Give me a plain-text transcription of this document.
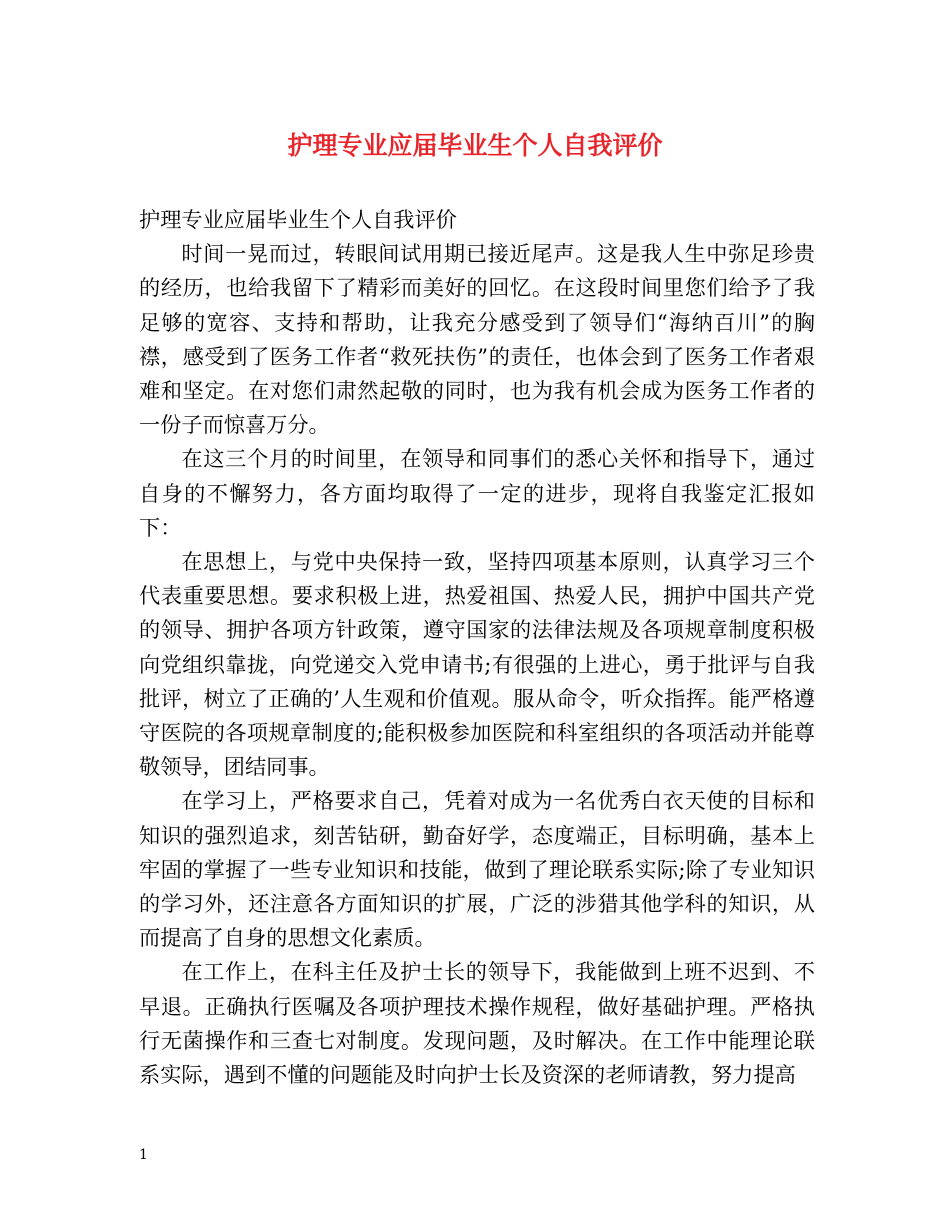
护理专业应届毕业生个人自我评价

护理专业应届毕业生个人自我评价

时间一晃而过，转眼间试用期已接近尾声。这是我人生中弥足珍贵的经历，也给我留下了精彩而美好的回忆。在这段时间里您们给予了我足够的宽容、支持和帮助，让我充分感受到了领导们“海纳百川”的胸襟，感受到了医务工作者“救死扶伤”的责任，也体会到了医务工作者艰难和坚定。在对您们肃然起敬的同时，也为我有机会成为医务工作者的一份子而惊喜万分。

在这三个月的时间里，在领导和同事们的悉心关怀和指导下，通过自身的不懈努力，各方面均取得了一定的进步，现将自我鉴定汇报如下：

在思想上，与党中央保持一致，坚持四项基本原则，认真学习三个代表重要思想。要求积极上进，热爱祖国、热爱人民，拥护中国共产党的领导、拥护各项方针政策，遵守国家的法律法规及各项规章制度积极向党组织靠拢，向党递交入党申请书;有很强的上进心，勇于批评与自我批评，树立了正确的’人生观和价值观。服从命令，听众指挥。能严格遵守医院的各项规章制度的;能积极参加医院和科室组织的各项活动并能尊敬领导，团结同事。

在学习上，严格要求自己，凭着对成为一名优秀白衣天使的目标和知识的强烈追求，刻苦钻研，勤奋好学，态度端正，目标明确，基本上牢固的掌握了一些专业知识和技能，做到了理论联系实际;除了专业知识的学习外，还注意各方面知识的扩展，广泛的涉猎其他学科的知识，从而提高了自身的思想文化素质。

在工作上，在科主任及护士长的领导下，我能做到上班不迟到、不早退。正确执行医嘱及各项护理技术操作规程，做好基础护理。严格执行无菌操作和三查七对制度。发现问题，及时解决。在工作中能理论联系实际，遇到不懂的问题能及时向护士长及资深的老师请教，努力提高

1
